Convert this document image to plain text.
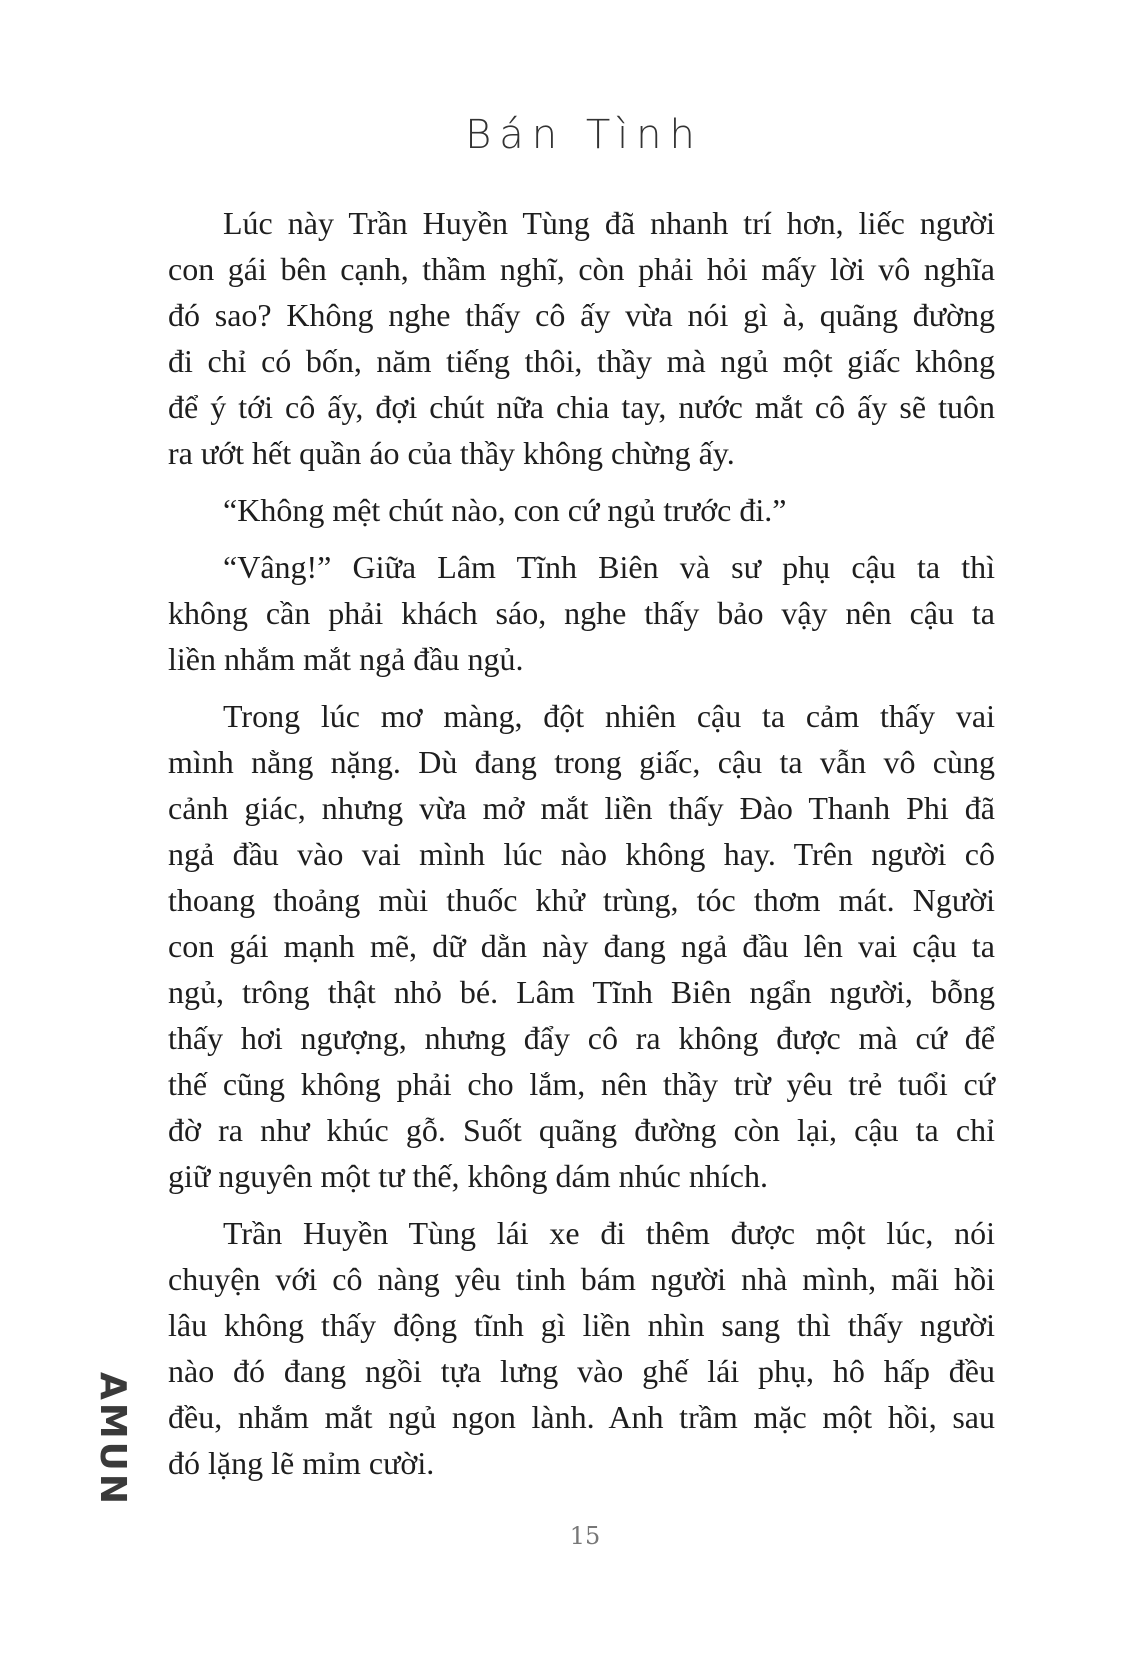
Bán Tình
Lúc này Trần Huyền Tùng đã nhanh trí hơn, liếc người
con gái bên cạnh, thầm nghĩ, còn phải hỏi mấy lời vô nghĩa
đó sao? Không nghe thấy cô ấy vừa nói gì à, quãng đường
đi chỉ có bốn, năm tiếng thôi, thầy mà ngủ một giấc không
để ý tới cô ấy, đợi chút nữa chia tay, nước mắt cô ấy sẽ tuôn
ra ướt hết quần áo của thầy không chừng ấy.
“Không mệt chút nào, con cứ ngủ trước đi.”
“Vâng!” Giữa Lâm Tĩnh Biên và sư phụ cậu ta thì
không cần phải khách sáo, nghe thấy bảo vậy nên cậu ta
liền nhắm mắt ngả đầu ngủ.
Trong lúc mơ màng, đột nhiên cậu ta cảm thấy vai
mình nằng nặng. Dù đang trong giấc, cậu ta vẫn vô cùng
cảnh giác, nhưng vừa mở mắt liền thấy Đào Thanh Phi đã
ngả đầu vào vai mình lúc nào không hay. Trên người cô
thoang thoảng mùi thuốc khử trùng, tóc thơm mát. Người
con gái mạnh mẽ, dữ dằn này đang ngả đầu lên vai cậu ta
ngủ, trông thật nhỏ bé. Lâm Tĩnh Biên ngẩn người, bỗng
thấy hơi ngượng, nhưng đẩy cô ra không được mà cứ để
thế cũng không phải cho lắm, nên thầy trừ yêu trẻ tuổi cứ
đờ ra như khúc gỗ. Suốt quãng đường còn lại, cậu ta chỉ
giữ nguyên một tư thế, không dám nhúc nhích.
Trần Huyền Tùng lái xe đi thêm được một lúc, nói
chuyện với cô nàng yêu tinh bám người nhà mình, mãi hồi
lâu không thấy động tĩnh gì liền nhìn sang thì thấy người
nào đó đang ngồi tựa lưng vào ghế lái phụ, hô hấp đều
đều, nhắm mắt ngủ ngon lành. Anh trầm mặc một hồi, sau
đó lặng lẽ mỉm cười.
AMUN
15
